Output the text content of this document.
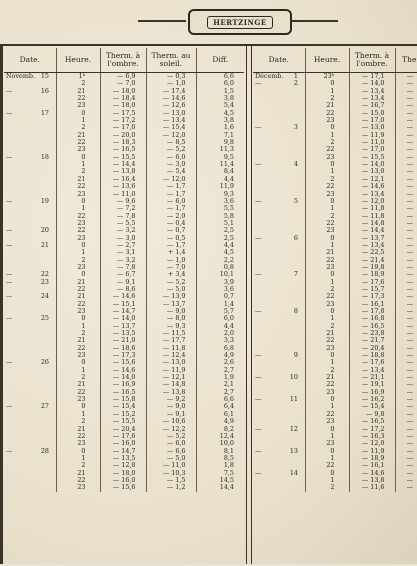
HERTZINGE
Date.	Heure.	Therm. à l'ombre.	Therm. au soleil.	Diff.
Novemb. 15	1ʰ	— 6,9	— 0,3	6,6
	2	— 7,0	— 1,0	6,0
— 16	21	— 18,0	— 17,4	1,5
	22	— 18,4	— 14,6	3,8
	23	— 18,0	— 12,6	5,4
— 17	0	— 17,5	— 13,0	4,5
	1	— 17,2	— 13,4	3,8
	2	— 17,0	— 15,4	1,6
	21	— 20,0	— 12,0	7,1
	22	— 18,3	— 8,5	9,8
	23	— 16,5	— 5,2	11,3
— 18	0	— 15,5	— 6,0	9,5
	1	— 14,4	— 3,0	11,4
	2	— 13,8	— 5,4	8,4
	21	— 16,4	— 12,0	4,4
	22	— 13,6	— 1,7	11,9
	23	— 11,0	— 1,7	9,3
— 19	0	— 9,6	— 6,0	3,6
	1	— 7,2	— 1,7	5,5
	22	— 7,8	— 2,0	5,8
	23	— 5,5	— 0,4	5,1
— 20	22	— 3,2	— 0,7	2,5
	23	— 3,0	— 0,5	2,5
— 21	0	— 2,7	— 1,7	4,4
	1	— 3,1	+ 1,4	4,5
	2	— 3,2	— 1,0	2,2
	23	— 7,8	— 7,0	0,8
— 22	0	— 6,7	+ 3,4	10,1
— 23	21	— 9,1	— 5,2	3,9
	22	— 8,6	— 5,0	3,6
— 24	21	— 14,6	— 13,9	0,7
	22	— 15,1	— 13,7	1,4
	23	— 14,7	— 9,0	5,7
— 25	0	— 14,0	— 8,0	6,0
	1	— 13,7	— 9,3	4,4
	2	— 13,5	— 11,5	2,0
	21	— 21,0	— 17,7	3,3
	22	— 18,6	— 11,8	6,8
	23	— 17,3	— 12,4	4,9
— 26	0	— 15,6	— 13,0	2,6
	1	— 14,6	— 11,9	2,7
	2	— 14,0	— 12,1	1,9
	21	— 16,9	— 14,8	2,1
	22	— 16,5	— 13,8	2,7
	23	— 15,8	— 9,2	6,6
— 27	0	— 15,4	— 9,0	6,4
	1	— 15,2	— 9,1	6,1
	2	— 15,5	— 10,6	4,9
	21	— 20,4	— 12,2	8,2
	22	— 17,6	— 5,2	12,4
	23	— 16,0	— 6,0	10,0
— 28	0	— 14,7	— 6,6	8,1
	1	— 13,5	— 5,0	8,5
	2	— 12,8	— 11,0	1,8
	21	— 18,0	— 10,3	7,5
	22	— 16,0	— 1,5	14,5
	23	— 15,6	— 1,2	14,4
Date.	Heure.	Therm. à l'ombre.	The
Décemb. 1	23ʰ	— 17,1	—
— 2	0	— 14,0	—
	1	— 13,4	—
	2	— 13,4	—
	21	— 16,7	—
	22	— 15,0	—
	23	— 17,0	—
— 3	0	— 13,0	—
	1	— 11,9	—
	2	— 11,0	—
	22	— 17,0	—
	23	— 15,5	—
— 4	0	— 14,0	—
	1	— 13,0	—
	2	— 12,1	—
	22	— 14,6	—
	23	— 13,4	—
— 5	0	— 12,0	—
	1	— 11,8	—
	2	— 11,8	—
	22	— 14,8	—
	23	— 14,4	—
— 6	0	— 13,7	—
	1	— 13,4	—
	21	— 22,5	—
	22	— 21,4	—
	23	— 19,8	—
— 7	0	— 18,9	—
	1	— 17,6	—
	2	— 15,7	—
	22	— 17,3	—
	23	— 16,1	—
— 8	0	— 17,8	—
	1	— 16,8	—
	2	— 16,5	—
	21	— 23,8	—
	22	— 21,7	—
	23	— 20,4	—
— 9	0	— 18,8	—
	1	— 17,6	—
	2	— 13,4	—
— 10	21	— 21,1	—
	22	— 19,1	—
	23	— 16,9	—
— 11	0	— 16,2	—
	1	— 15,4	—
	22	— 9,8	—
	23	— 16,5	—
— 12	0	— 17,2	—
	1	— 16,3	—
	23	— 12,0	—
— 13	0	— 11,9	—
	1	— 18,9	—
	22	— 16,1	—
— 14	0	— 14,6	—
	1	— 13,8	—
	2	— 11,6	—
